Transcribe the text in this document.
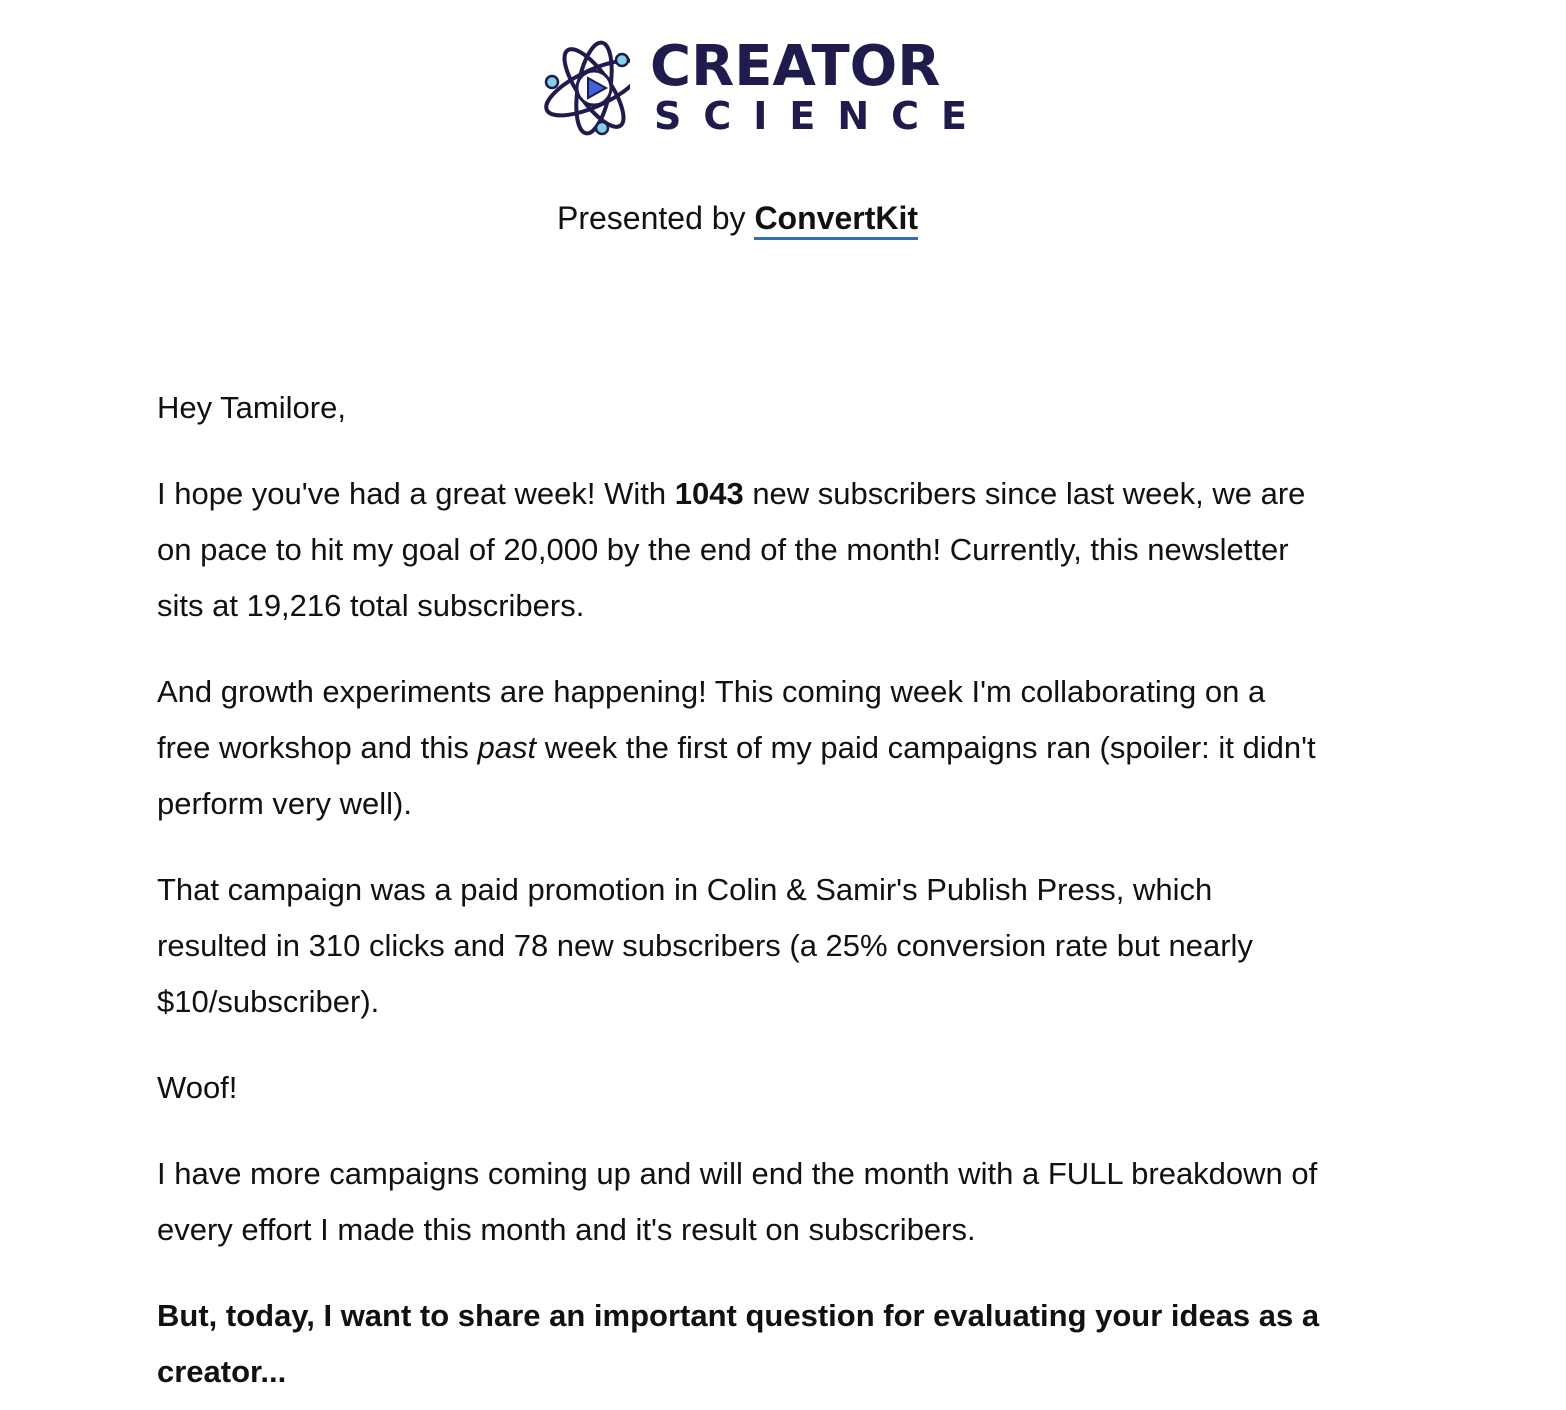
CREATOR
SCIENCE
Presented by ConvertKit

Hey Tamilore,

I hope you've had a great week! With 1043 new subscribers since last week, we are on pace to hit my goal of 20,000 by the end of the month! Currently, this newsletter sits at 19,216 total subscribers.

And growth experiments are happening! This coming week I'm collaborating on a free workshop and this past week the first of my paid campaigns ran (spoiler: it didn't perform very well).

That campaign was a paid promotion in Colin & Samir's Publish Press, which resulted in 310 clicks and 78 new subscribers (a 25% conversion rate but nearly $10/subscriber).

Woof!

I have more campaigns coming up and will end the month with a FULL breakdown of every effort I made this month and it's result on subscribers.

But, today, I want to share an important question for evaluating your ideas as a creator...
